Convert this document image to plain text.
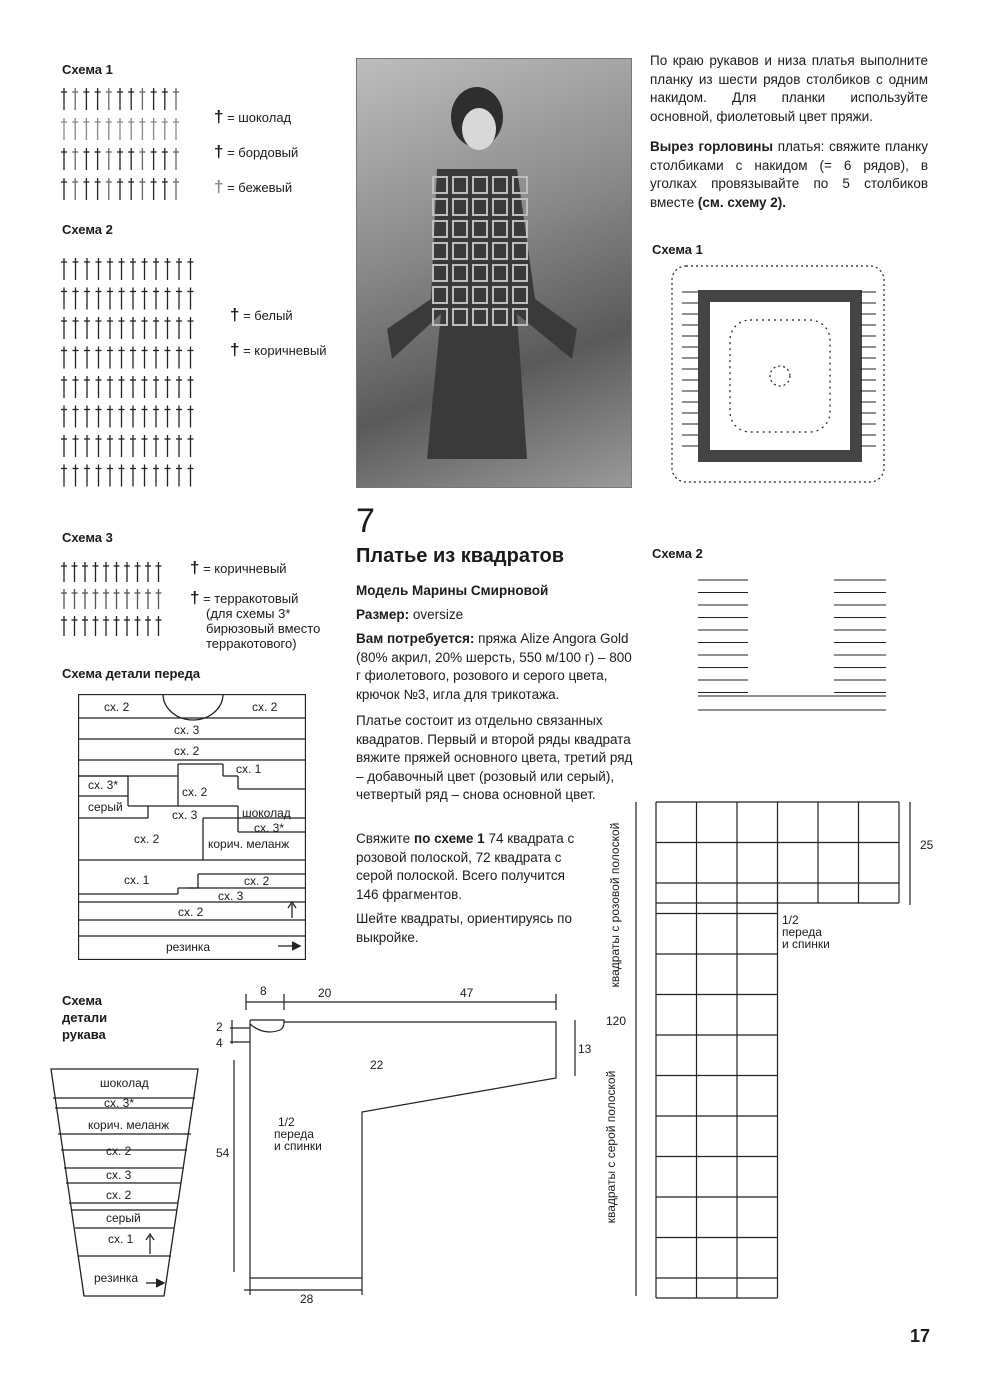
Схема 1
† = шоколад
† = бордовый
† = бежевый
Схема 2
† = белый
† = коричневый
Схема 3
† = коричневый
† = терракотовый
(для схемы 3*
бирюзовый вместо
терракотового)
Схема детали переда
сх. 2	сх. 2
сх. 3
сх. 2
сх. 1
сх. 3*	сх. 2
серый
сх. 3	шоколад
сх. 3*
сх. 2	корич. меланж
сх. 1	сх. 2
сх. 3
сх. 2
резинка
Схема
детали
рукава
шоколад
сх. 3*
корич. меланж
сх. 2
сх. 3
сх. 2
серый
сх. 1
резинка
8	20	47
2
4	13
22
54
28
1/2
переда
и спинки
7
Платье из квадратов
Модель Марины Смирновой
Размер: oversize
Вам потребуется: пряжа Alize Angora Gold (80% акрил, 20% шерсть, 550 м/100 г) – 800 г фиолетового, розового и серого цвета, крючок №3, игла для трикотажа.
Платье состоит из отдельно связанных квадратов. Первый и второй ряды квадрата вяжите пряжей основного цвета, третий ряд – добавочный цвет (розовый или серый), четвертый ряд – снова основной цвет.
Свяжите по схеме 1 74 квадрата с розовой полоской, 72 квадрата с серой полоской. Всего получится 146 фрагментов.
Шейте квадраты, ориентируясь по выкройке.
По краю рукавов и низа платья выполните планку из шести рядов столбиков с одним накидом. Для планки используйте основной, фиолетовый цвет пряжи.
Вырез горловины платья: свяжите планку столбиками с накидом (= 6 рядов), в уголках провязывайте по 5 столбиков вместе (см. схему 2).
Схема 1
Схема 2
25
120
1/2
переда
и спинки
квадраты с розовой полоской
квадраты с серой полоской
17
